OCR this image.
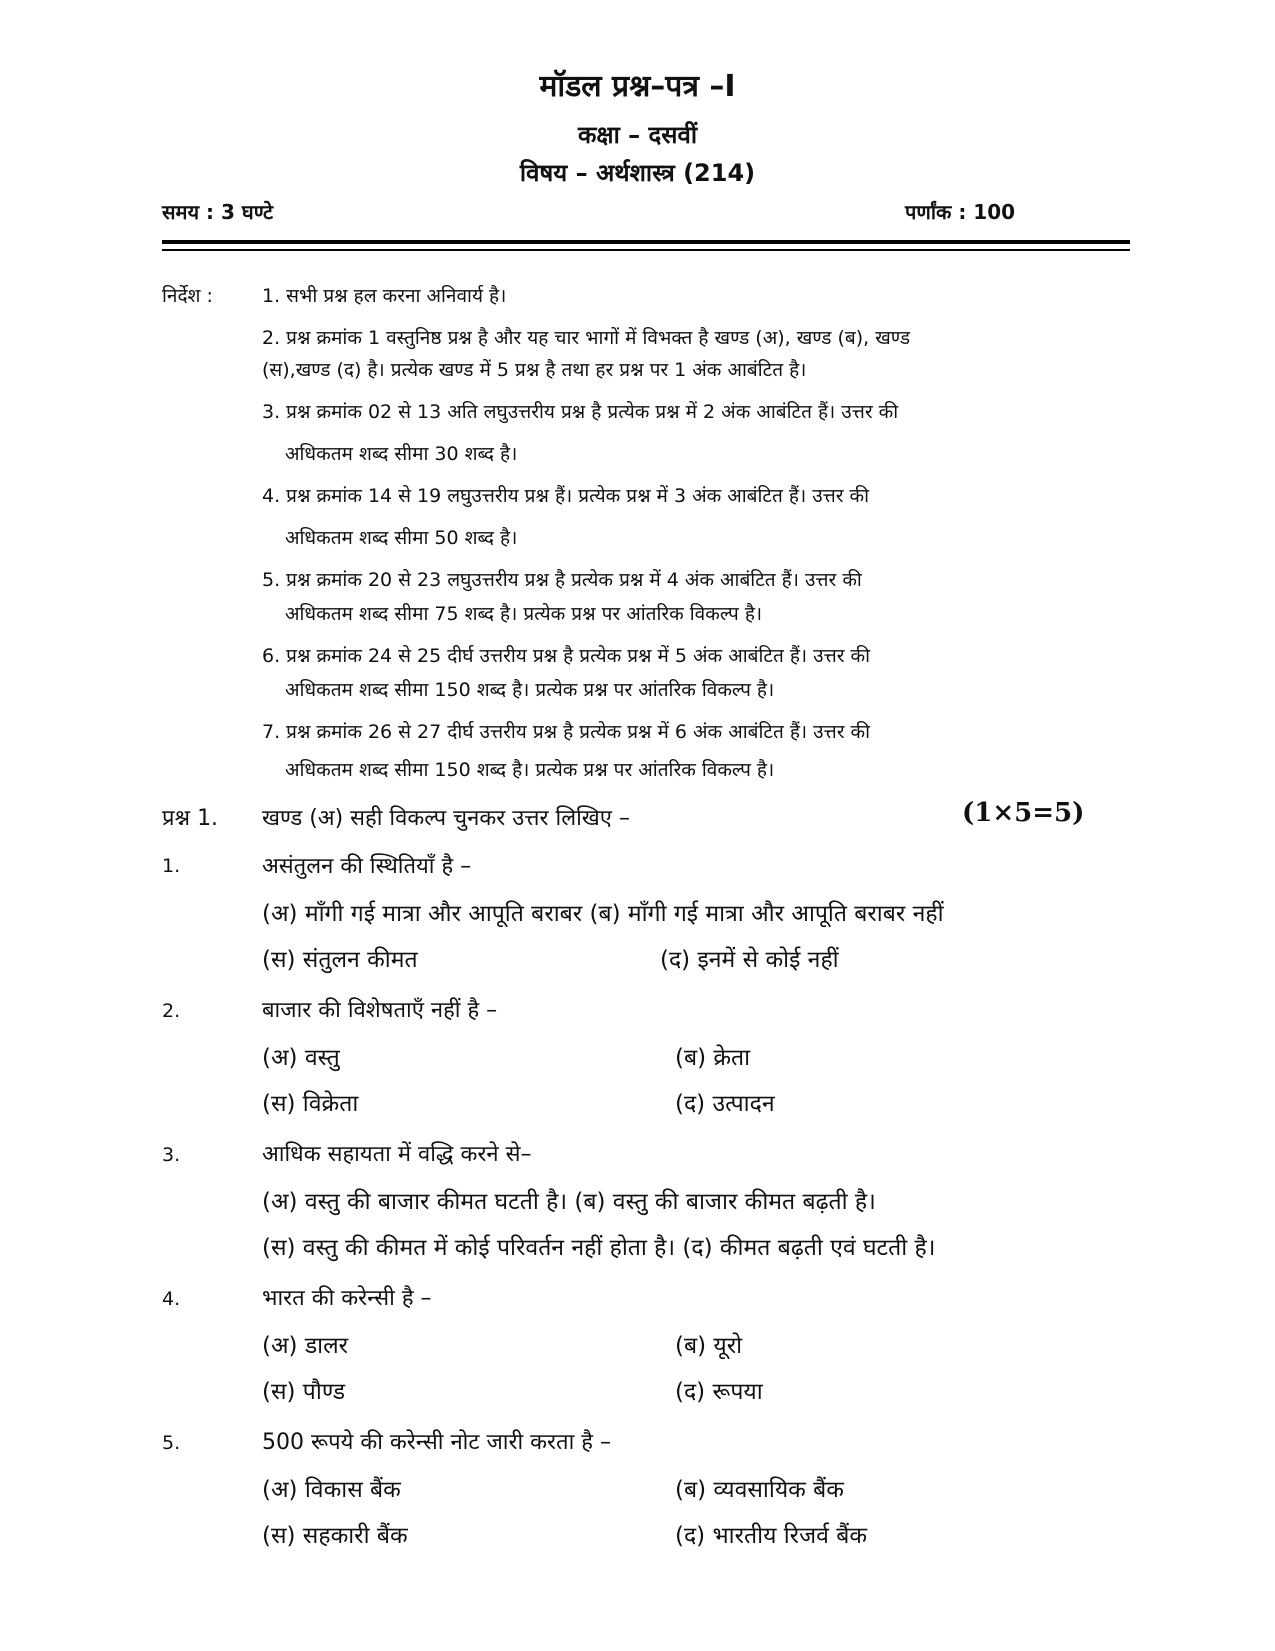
मॉडल प्रश्न–पत्र –I
कक्षा – दसवीं
विषय – अर्थशास्त्र (214)
समय : 3 घण्टे	पर्णांक : 100
निर्देश :	1. सभी प्रश्न हल करना अनिवार्य है।
2. प्रश्न क्रमांक 1 वस्तुनिष्ठ प्रश्न है और यह चार भागों में विभक्त है खण्ड (अ), खण्ड (ब), खण्ड
(स),खण्ड (द) है। प्रत्येक खण्ड में 5 प्रश्न है तथा हर प्रश्न पर 1 अंक आबंटित है।
3. प्रश्न क्रमांक 02 से 13 अति लघुउत्तरीय प्रश्न है प्रत्येक प्रश्न में 2 अंक आबंटित हैं। उत्तर की
अधिकतम शब्द सीमा 30 शब्द है।
4. प्रश्न क्रमांक 14 से 19 लघुउत्तरीय प्रश्न हैं। प्रत्येक प्रश्न में 3 अंक आबंटित हैं। उत्तर की
अधिकतम शब्द सीमा 50 शब्द है।
5. प्रश्न क्रमांक 20 से 23 लघुउत्तरीय प्रश्न है प्रत्येक प्रश्न में 4 अंक आबंटित हैं। उत्तर की
अधिकतम शब्द सीमा 75 शब्द है। प्रत्येक प्रश्न पर आंतरिक विकल्प है।
6. प्रश्न क्रमांक 24 से 25 दीर्घ उत्तरीय प्रश्न है प्रत्येक प्रश्न में 5 अंक आबंटित हैं। उत्तर की
अधिकतम शब्द सीमा 150 शब्द है। प्रत्येक प्रश्न पर आंतरिक विकल्प है।
7. प्रश्न क्रमांक 26 से 27 दीर्घ उत्तरीय प्रश्न है प्रत्येक प्रश्न में 6 अंक आबंटित हैं। उत्तर की
अधिकतम शब्द सीमा 150 शब्द है। प्रत्येक प्रश्न पर आंतरिक विकल्प है।
प्रश्न 1. खण्ड (अ) सही विकल्प चुनकर उत्तर लिखिए –	(1×5=5)
1.	असंतुलन की स्थितियाँ है –
(अ) माँगी गई मात्रा और आपूति बराबर (ब) माँगी गई मात्रा और आपूति बराबर नहीं
(स) संतुलन कीमत	(द) इनमें से कोई नहीं
2.	बाजार की विशेषताएँ नहीं है –
(अ) वस्तु	(ब) क्रेता
(स) विक्रेता	(द) उत्पादन
3.	आधिक सहायता में वद्धि करने से–
(अ) वस्तु की बाजार कीमत घटती है। (ब) वस्तु की बाजार कीमत बढ़ती है।
(स) वस्तु की कीमत में कोई परिवर्तन नहीं होता है। (द) कीमत बढ़ती एवं घटती है।
4.	भारत की करेन्सी है –
(अ) डालर	(ब) यूरो
(स) पौण्ड	(द) रूपया
5.	500 रूपये की करेन्सी नोट जारी करता है –
(अ) विकास बैंक	(ब) व्यवसायिक बैंक
(स) सहकारी बैंक	(द) भारतीय रिजर्व बैंक
